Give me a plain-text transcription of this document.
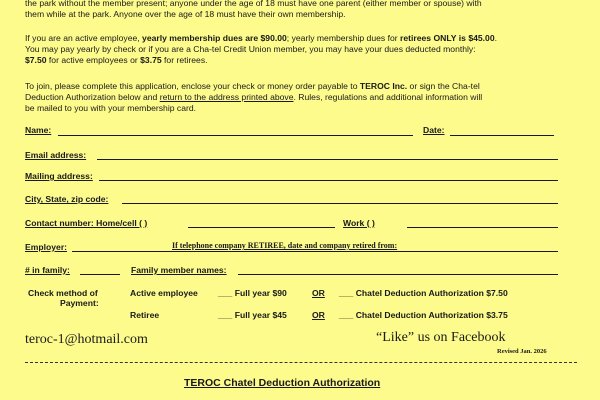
the park without the member present; anyone under the age of 18 must have one parent (either member or spouse) with
them while at the park. Anyone over the age of 18 must have their own membership.
If you are an active employee, yearly membership dues are $90.00; yearly membership dues for retirees ONLY is $45.00.
You may pay yearly by check or if you are a Cha-tel Credit Union member, you may have your dues deducted monthly:
$7.50 for active employees or $3.75 for retirees.
To join, please complete this application, enclose your check or money order payable to TEROC Inc. or sign the Cha-tel
Deduction Authorization below and return to the address printed above. Rules, regulations and additional information will
be mailed to you with your membership card.
Name:	Date:
Email address:
Mailing address:
City, State, zip code:
Contact number: Home/cell ( )	Work ( )
Employer:	If telephone company RETIREE, date and company retired from:
# in family:	Family member names:
Check method of
Payment:
Active employee ___ Full year $90	OR ___ Chatel Deduction Authorization $7.50
Retiree	___ Full year $45	OR ___ Chatel Deduction Authorization $3.75
teroc-1@hotmail.com	“Like” us on Facebook
Revised Jan. 2026
TEROC Chatel Deduction Authorization
